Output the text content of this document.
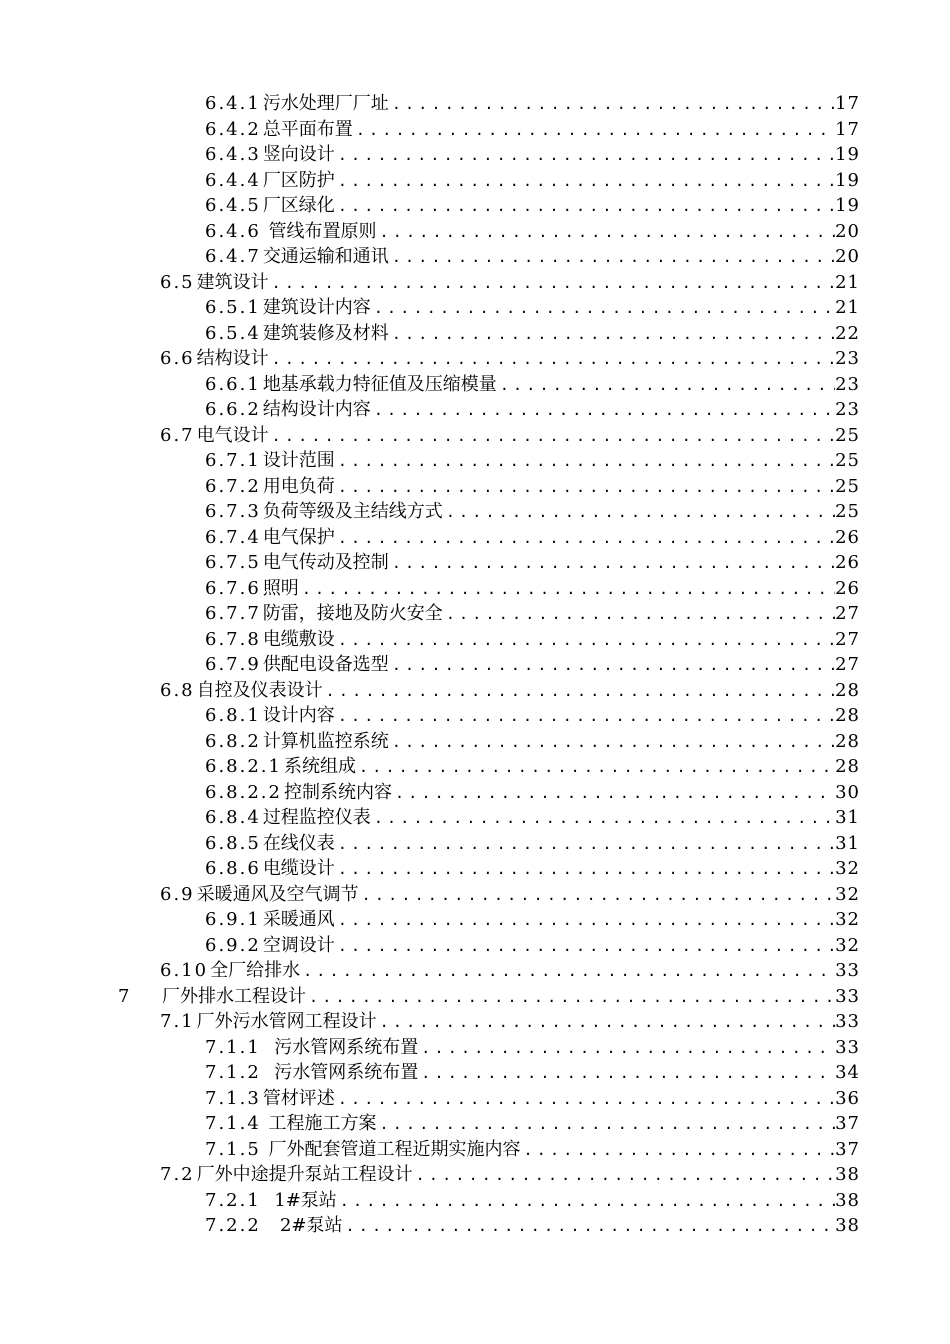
6.4.1 污水处理厂厂址 .....	17
6.4.2 总平面布置 .....	17
6.4.3 竖向设计 .....	19
6.4.4 厂区防护 .....	19
6.4.5 厂区绿化 .....	19
6.4.6 管线布置原则 .....	20
6.4.7 交通运输和通讯 .....	20
6.5 建筑设计 .....	21
6.5.1 建筑设计内容 .....	21
6.5.4 建筑装修及材料 .....	22
6.6 结构设计 .....	23
6.6.1 地基承载力特征值及压缩模量 .....	23
6.6.2 结构设计内容 .....	23
6.7 电气设计 .....	25
6.7.1 设计范围 .....	25
6.7.2 用电负荷 .....	25
6.7.3 负荷等级及主结线方式 .....	25
6.7.4 电气保护 .....	26
6.7.5 电气传动及控制 .....	26
6.7.6 照明 .....	26
6.7.7 防雷，接地及防火安全 .....	27
6.7.8 电缆敷设 .....	27
6.7.9 供配电设备选型 .....	27
6.8 自控及仪表设计 .....	28
6.8.1 设计内容 .....	28
6.8.2 计算机监控系统 .....	28
6.8.2.1 系统组成 .....	28
6.8.2.2 控制系统内容 .....	30
6.8.4 过程监控仪表 .....	31
6.8.5 在线仪表 .....	31
6.8.6 电缆设计 .....	32
6.9 采暖通风及空气调节 .....	32
6.9.1 采暖通风 .....	32
6.9.2 空调设计 .....	32
6.10 全厂给排水 .....	33
7	厂外排水工程设计 .....	33
7.1 厂外污水管网工程设计 .....	33
7.1.1 污水管网系统布置 .....	33
7.1.2 污水管网系统布置 .....	34
7.1.3 管材评述 .....	36
7.1.4 工程施工方案 .....	37
7.1.5 厂外配套管道工程近期实施内容 .....	37
7.2 厂外中途提升泵站工程设计 .....	38
7.2.1 1#泵站 .....	38
7.2.2 2#泵站 .....	38
